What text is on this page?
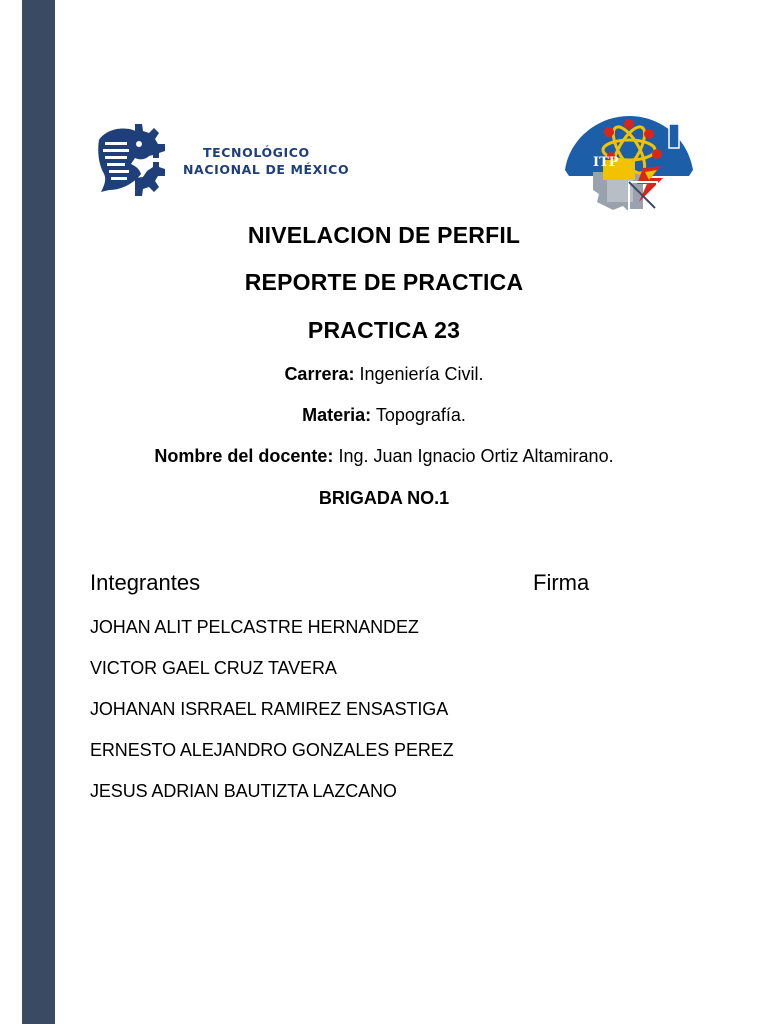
TECNOLÓGICO
NACIONAL DE MÉXICO	ITP
NIVELACION DE PERFIL
REPORTE DE PRACTICA
PRACTICA 23
Carrera: Ingeniería Civil.
Materia: Topografía.
Nombre del docente: Ing. Juan Ignacio Ortiz Altamirano.
BRIGADA NO.1
Integrantes	Firma
JOHAN ALIT PELCASTRE HERNANDEZ
VICTOR GAEL CRUZ TAVERA
JOHANAN ISRRAEL RAMIREZ ENSASTIGA
ERNESTO ALEJANDRO GONZALES PEREZ
JESUS ADRIAN BAUTIZTA LAZCANO
